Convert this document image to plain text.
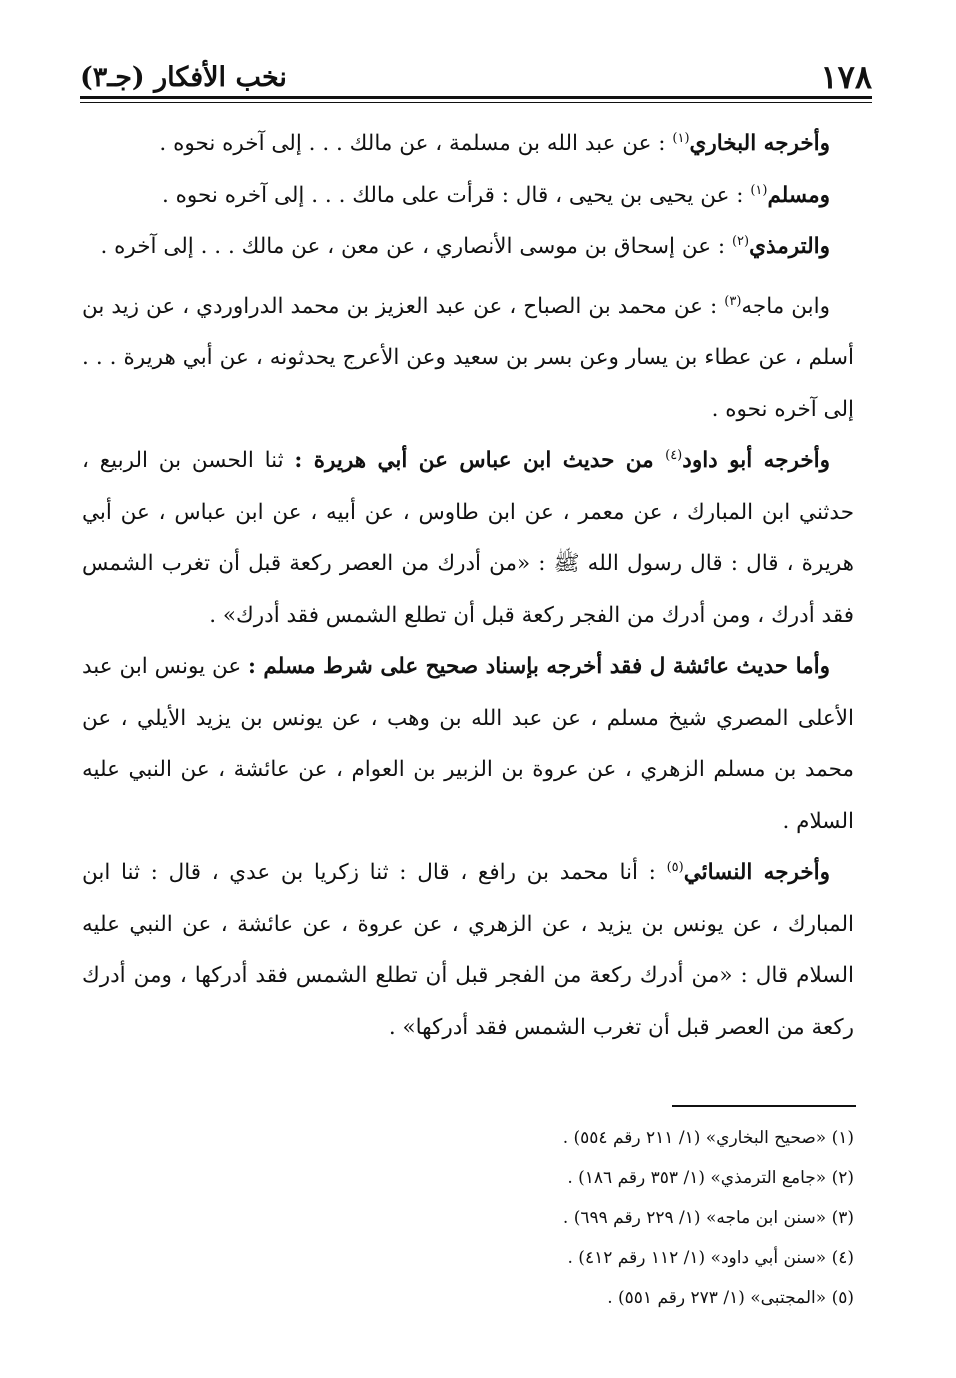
١٧٨
نخب الأفكار (جـ٣)

وأخرجه البخاري$^{(١)}$ : عن عبد الله بن مسلمة ، عن مالك . . . إلى آخره نحوه .

ومسلم$^{(١)}$ : عن يحيى بن يحيى ، قال : قرأت على مالك . . . إلى آخره نحوه .

والترمذي$^{(٢)}$ : عن إسحاق بن موسى الأنصاري ، عن معن ، عن مالك . . . إلى آخره .

وابن ماجه$^{(٣)}$ : عن محمد بن الصباح ، عن عبد العزيز بن محمد الدراوردي ، عن زيد بن أسلم ، عن عطاء بن يسار وعن بسر بن سعيد وعن الأعرج يحدثونه ، عن أبي هريرة . . . إلى آخره نحوه .

وأخرجه أبو داود$^{(٤)}$ من حديث ابن عباس عن أبي هريرة : ثنا الحسن بن الربيع ، حدثني ابن المبارك ، عن معمر ، عن ابن طاوس ، عن أبيه ، عن ابن عباس ، عن أبي هريرة ، قال : قال رسول الله ﷺ : «من أدرك من العصر ركعة قبل أن تغرب الشمس فقد أدرك ، ومن أدرك من الفجر ركعة قبل أن تطلع الشمس فقد أدرك» .

وأما حديث عائشة ل فقد أخرجه بإسناد صحيح على شرط مسلم : عن يونس ابن عبد الأعلى المصري شيخ مسلم ، عن عبد الله بن وهب ، عن يونس بن يزيد الأيلي ، عن محمد بن مسلم الزهري ، عن عروة بن الزبير بن العوام ، عن عائشة ، عن النبي عليه السلام .

وأخرجه النسائي$^{(٥)}$ : أنا محمد بن رافع ، قال : ثنا زكريا بن عدي ، قال : ثنا ابن المبارك ، عن يونس بن يزيد ، عن الزهري ، عن عروة ، عن عائشة ، عن النبي عليه السلام قال : «من أدرك ركعة من الفجر قبل أن تطلع الشمس فقد أدركها ، ومن أدرك ركعة من العصر قبل أن تغرب الشمس فقد أدركها» .

(١) «صحيح البخاري» (١/ ٢١١ رقم ٥٥٤) .

(٢) «جامع الترمذي» (١/ ٣٥٣ رقم ١٨٦) .

(٣) «سنن ابن ماجه» (١/ ٢٢٩ رقم ٦٩٩) .

(٤) «سنن أبي داود» (١/ ١١٢ رقم ٤١٢) .

(٥) «المجتبى» (١/ ٢٧٣ رقم ٥٥١) .
